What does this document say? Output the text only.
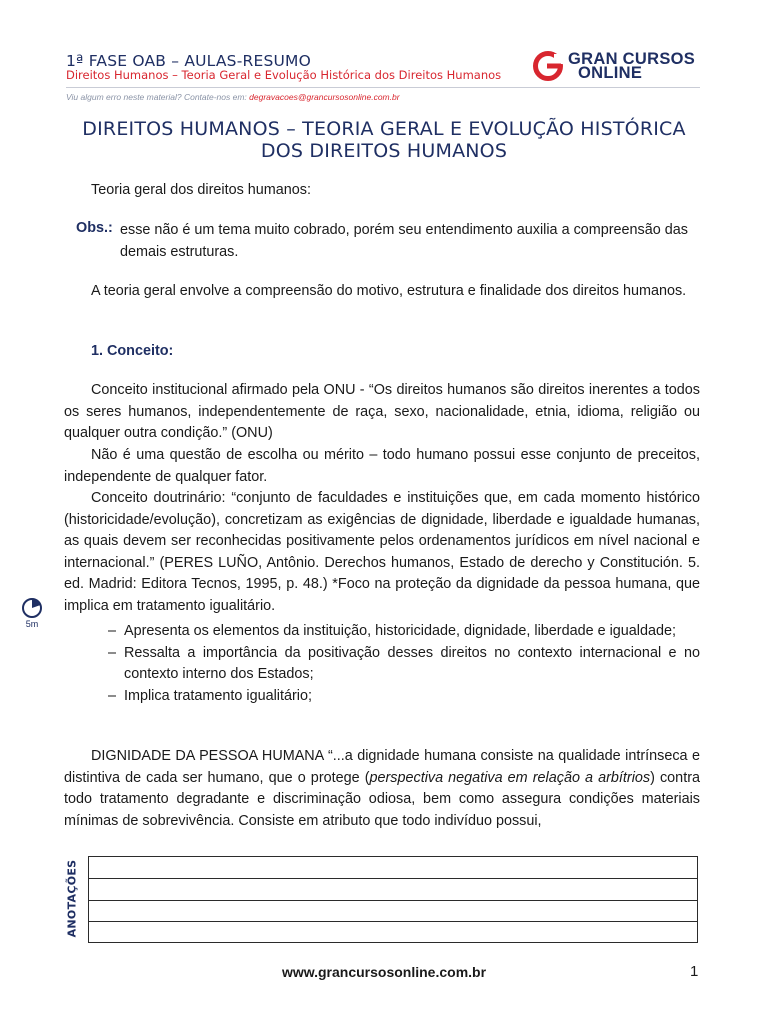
1ª FASE OAB – AULAS-RESUMO
Direitos Humanos – Teoria Geral e Evolução Histórica dos Direitos Humanos
Viu algum erro neste material? Contate-nos em: degravacoes@grancursosonline.com.br
GRAN CURSOS
ONLINE
DIREITOS HUMANOS – TEORIA GERAL E EVOLUÇÃO HISTÓRICA DOS DIREITOS HUMANOS
Teoria geral dos direitos humanos:
Obs.: esse não é um tema muito cobrado, porém seu entendimento auxilia a compreensão das demais estruturas.
A teoria geral envolve a compreensão do motivo, estrutura e finalidade dos direitos humanos.
1. Conceito:
Conceito institucional afirmado pela ONU - “Os direitos humanos são direitos inerentes a todos os seres humanos, independentemente de raça, sexo, nacionalidade, etnia, idioma, religião ou qualquer outra condição.” (ONU)
Não é uma questão de escolha ou mérito – todo humano possui esse conjunto de preceitos, independente de qualquer fator.
Conceito doutrinário: “conjunto de faculdades e instituições que, em cada momento histórico (historicidade/evolução), concretizam as exigências de dignidade, liberdade e igualdade humanas, as quais devem ser reconhecidas positivamente pelos ordenamentos jurídicos em nível nacional e internacional.” (PERES LUÑO, Antônio. Derechos humanos, Estado de derecho y Constitución. 5. ed. Madrid: Editora Tecnos, 1995, p. 48.) *Foco na proteção da dignidade da pessoa humana, que implica em tratamento igualitário.
5m	– Apresenta os elementos da instituição, historicidade, dignidade, liberdade e igualdade;
– Ressalta a importância da positivação desses direitos no contexto internacional e no contexto interno dos Estados;
– Implica tratamento igualitário;
DIGNIDADE DA PESSOA HUMANA “...a dignidade humana consiste na qualidade intrínseca e distintiva de cada ser humano, que o protege (perspectiva negativa em relação a arbítrios) contra todo tratamento degradante e discriminação odiosa, bem como assegura condições materiais mínimas de sobrevivência. Consiste em atributo que todo indivíduo possui,
ANOTAÇÕES
www.grancursosonline.com.br	1
